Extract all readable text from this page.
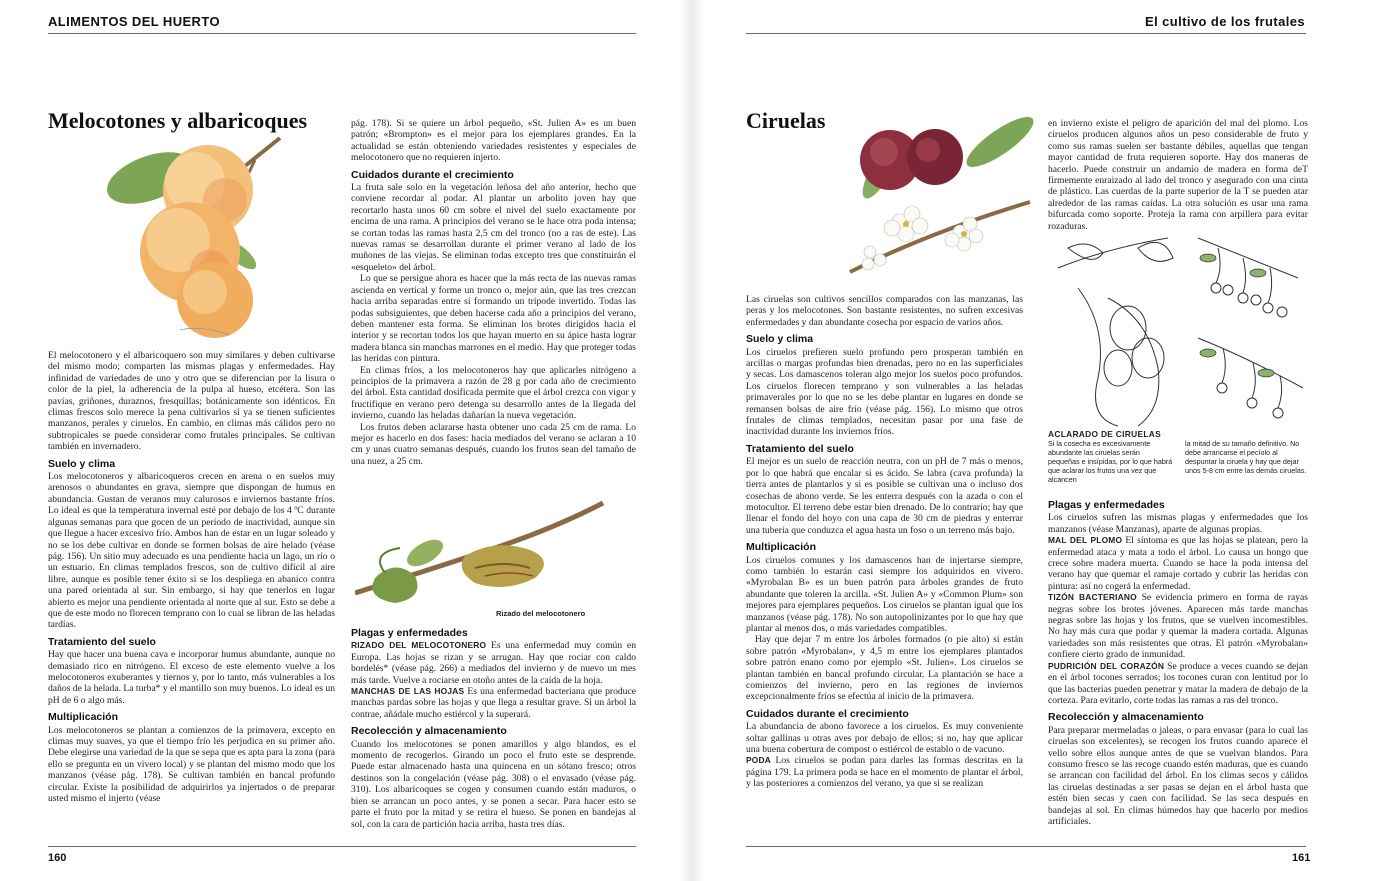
ALIMENTOS DEL HUERTO
Melocotones y albaricoques

El melocotonero y el albaricoquero son muy similares y deben cultivarse del mismo modo; comparten las mismas plagas y enfermedades. Hay infinidad de variedades de uno y otro que se diferencian por la lisura o color de la piel, la adherencia de la pulpa al hueso, etcétera. Son las pavías, griñones, duraznos, fresquillas; botánicamente son idénticos. En climas frescos solo merece la pena cultivarlos si ya se tienen suficientes manzanos, perales y ciruelos. En cambio, en climas más cálidos pero no subtropicales se puede considerar como frutales principales. Se cultivan también en invernadero.

Suelo y clima

Los melocotoneros y albaricoqueros crecen en arena o en suelos muy arenosos o abundantes en grava, siempre que dispongan de humus en abundancia. Gustan de veranos muy calurosos e inviernos bastante fríos. Lo ideal es que la temperatura invernal esté por debajo de los 4 ºC durante algunas semanas para que gocen de un período de inactividad, aunque sin que llegue a hacer excesivo frío. Ambos han de estar en un lugar soleado y no se los debe cultivar en donde se formen bolsas de aire helado (véase pág. 156). Un sitio muy adecuado es una pendiente hacia un lago, un río o un estuario. En climas templados frescos, son de cultivo difícil al aire libre, aunque es posible tener éxito si se los despliega en abanico contra una pared orientada al sur. Sin embargo, si hay que tenerlos en lugar abierto es mejor una pendiente orientada al norte que al sur. Esto se debe a que de este modo no florecen temprano con lo cual se libran de las heladas tardías.

Tratamiento del suelo

Hay que hacer una buena cava e incorporar humus abundante, aunque no demasiado rico en nitrógeno. El exceso de este elemento vuelve a los melocotoneros exuberantes y tiernos y, por lo tanto, más vulnerables a los daños de la helada. La turba* y el mantillo son muy buenos. Lo ideal es un pH de 6 o algo más.

Multiplicación

Los melocotoneros se plantan a comienzos de la primavera, excepto en climas muy suaves, ya que el tiempo frío les perjudica en su primer año. Debe elegirse una variedad de la que se sepa que es apta para la zona (para ello se pregunta en un vivero local) y se plantan del mismo modo que los manzanos (véase pág. 178). Se cultivan también en bancal profundo circular. Existe la posibilidad de adquirirlos ya injertados o de preparar usted mismo el injerto (véase

pág. 178). Si se quiere un árbol pequeño, «St. Julien A» es un buen patrón; «Brompton» es el mejor para los ejemplares grandes. En la actualidad se están obteniendo variedades resistentes y especiales de melocotonero que no requieren injerto.

Cuidados durante el crecimiento

La fruta sale solo en la vegetación leñosa del año anterior, hecho que conviene recordar al podar. Al plantar un arbolito joven hay que recortarlo hasta unos 60 cm sobre el nivel del suelo exactamente por encima de una rama. A principios del verano se le hace otra poda intensa; se cortan todas las ramas hasta 2,5 cm del tronco (no a ras de este). Las nuevas ramas se desarrollan durante el primer verano al lado de los muñones de las viejas. Se eliminan todas excepto tres que constituirán el «esqueleto» del árbol.

Lo que se persigue ahora es hacer que la más recta de las nuevas ramas ascienda en vertical y forme un tronco o, mejor aún, que las tres crezcan hacia arriba separadas entre sí formando un trípode invertido. Todas las podas subsiguientes, que deben hacerse cada año a principios del verano, deben mantener esta forma. Se eliminan los brotes dirigidos hacia el interior y se recortan todos los que hayan muerto en su ápice hasta lograr madera blanca sin manchas marrones en el medio. Hay que proteger todas las heridas con pintura.

En climas fríos, a los melocotoneros hay que aplicarles nitrógeno a principios de la primavera a razón de 28 g por cada año de crecimiento del árbol. Esta cantidad dosificada permite que el árbol crezca con vigor y fructifique en verano pero detenga su desarrollo antes de la llegada del invierno, cuando las heladas dañarían la nueva vegetación.

Los frutos deben aclararse hasta obtener uno cada 25 cm de rama. Lo mejor es hacerlo en dos fases: hacia mediados del verano se aclaran a 10 cm y unas cuatro semanas después, cuando los frutos sean del tamaño de una nuez, a 25 cm.

Rizado del melocotonero
Plagas y enfermedades

RIZADO DEL MELOCOTONERO Es una enfermedad muy común en Europa. Las hojas se rizan y se arrugan. Hay que rociar con caldo bordelés* (véase pág. 266) a mediados del invierno y de nuevo un mes más tarde. Vuelve a rociarse en otoño antes de la caída de la hoja.

MANCHAS DE LAS HOJAS Es una enfermedad bacteriana que produce manchas pardas sobre las hojas y que llega a resultar grave. Si un árbol la contrae, añádale mucho estiércol y la superará.

Recolección y almacenamiento

Cuando los melocotones se ponen amarillos y algo blandos, es el momento de recogerlos. Girando un poco el fruto este se desprende. Puede estar almacenado hasta una quincena en un sótano fresco; otros destinos son la congelación (véase pág. 308) o el envasado (véase pág. 310). Los albaricoques se cogen y consumen cuando están maduros, o bien se arrancan un poco antes, y se ponen a secar. Para hacer esto se parte el fruto por la mitad y se retira el hueso. Se ponen en bandejas al sol, con la cara de partición hacia arriba, hasta tres días.

160
El cultivo de los frutales
Ciruelas

Las ciruelas son cultivos sencillos comparados con las manzanas, las peras y los melocotones. Son bastante resistentes, no sufren excesivas enfermedades y dan abundante cosecha por espacio de varios años.

Suelo y clima

Los ciruelos prefieren suelo profundo pero prosperan también en arcillas o margas profundas bien drenadas, pero no en las superficiales y secas. Los damascenos toleran algo mejor los suelos poco profundos. Los ciruelos florecen temprano y son vulnerables a las heladas primaverales por lo que no se les debe plantar en lugares en donde se remansen bolsas de aire frío (véase pág. 156). Lo mismo que otros frutales de climas templados, necesitan pasar por una fase de inactividad durante los inviernos fríos.

Tratamiento del suelo

El mejor es un suelo de reacción neutra, con un pH de 7 más o menos, por lo que habrá que encalar si es ácido. Se labra (cava profunda) la tierra antes de plantarlos y si es posible se cultivan una o incluso dos cosechas de abono verde. Se les enterra después con la azada o con el motocultor. El terreno debe estar bien drenado. De lo contrario; hay que llenar el fondo del hoyo con una capa de 30 cm de piedras y enterrar una tubería que conduzca el agua hasta un foso o un terreno más bajo.

Multiplicación

Los ciruelos comunes y los damascenos han de injertarse siempre, como también lo estarán casi siempre los adquiridos en vivero. «Myrobalan B» es un buen patrón para árboles grandes de fruto abundante que toleren la arcilla. «St. Julien A» y «Common Plum» son mejores para ejemplares pequeños. Los ciruelos se plantan igual que los manzanos (véase pág. 178). No son autopolinizantes por lo que hay que plantar al menos dos, o más variedades compatibles.

Hay que dejar 7 m entre los árboles formados (o pie alto) si están sobre patrón «Myrobalan», y 4,5 m entre los ejemplares plantados sobre patrón enano como por ejemplo «St. Julien». Los ciruelos se plantan también en bancal profundo circular. La plantación se hace a comienzos del invierno, pero en las regiones de inviernos excepcionalmente fríos se efectúa al inicio de la primavera.

Cuidados durante el crecimiento

La abundancia de abono favorece a los ciruelos. Es muy conveniente soltar gallinas u otras aves por debajo de ellos; si no, hay que aplicar una buena cobertura de compost o estiércol de establo o de vacuno.

PODA Los ciruelos se podan para darles las formas descritas en la página 179. La primera poda se hace en el momento de plantar el árbol, y las posteriores a comienzos del verano, ya que si se realizan

en invierno existe el peligro de aparición del mal del plomo. Los ciruelos producen algunos años un peso considerable de fruto y como sus ramas suelen ser bastante débiles, aquellas que tengan mayor cantidad de fruta requieren soporte. Hay dos maneras de hacerlo. Puede construir un andamio de madera en forma deT firmemente enraizado al lado del tronco y asegurado con una cinta de plástico. Las cuerdas de la parte superior de la T se pueden atar alrededor de las ramas caídas. La otra solución es usar una rama bifurcada como soporte. Proteja la rama con arpillera para evitar rozaduras.

ACLARADO DE CIRUELAS
Si la cosecha es excesivamente abundante las ciruelas serán pequeñas e insípidas, por lo que habrá que aclarar los frutos una vez que alcancen
la mitad de su tamaño definitivo. No debe arrancarse el pecíolo al despuntar la ciruela y hay que dejar unos 5-8 cm entre las demás ciruelas.
Plagas y enfermedades

Los ciruelos sufren las mismas plagas y enfermedades que los manzanos (véase Manzanas), aparte de algunas propias.

MAL DEL PLOMO El síntoma es que las hojas se platean, pero la enfermedad ataca y mata a todo el árbol. Lo causa un hongo que crece sobre madera muerta. Cuando se hace la poda intensa del verano hay que quemar el ramaje cortado y cubrir las heridas con pintura: así no cogerá la enfermedad.

TIZÓN BACTERIANO Se evidencia primero en forma de rayas negras sobre los brotes jóvenes. Aparecen más tarde manchas negras sobre las hojas y los frutos, que se vuelven incomestibles. No hay más cura que podar y quemar la madera cortada. Algunas variedades son más resistentes que otras. El patrón «Myrobalan» confiere cierto grado de inmunidad.

PUDRICIÓN DEL CORAZÓN Se produce a veces cuando se dejan en el árbol tocones serrados; los tocones curan con lentitud por lo que las bacterias pueden penetrar y matar la madera de debajo de la corteza. Para evitarlo, corte todas las ramas a ras del tronco.

Recolección y almacenamiento

Para preparar mermeladas o jaleas, o para envasar (para lo cual las ciruelas son excelentes), se recogen los frutos cuando aparece el vello sobre ellos aunque antes de que se vuelvan blandos. Para consumo fresco se las recoge cuando estén maduras, que es cuando se arrancan con facilidad del árbol. En los climas secos y cálidos las ciruelas destinadas a ser pasas se dejan en el árbol hasta que estén bien secas y caen con facilidad. Se las seca después en bandejas al sol. En climas húmedos hay que hacerlo por medios artificiales.

161
